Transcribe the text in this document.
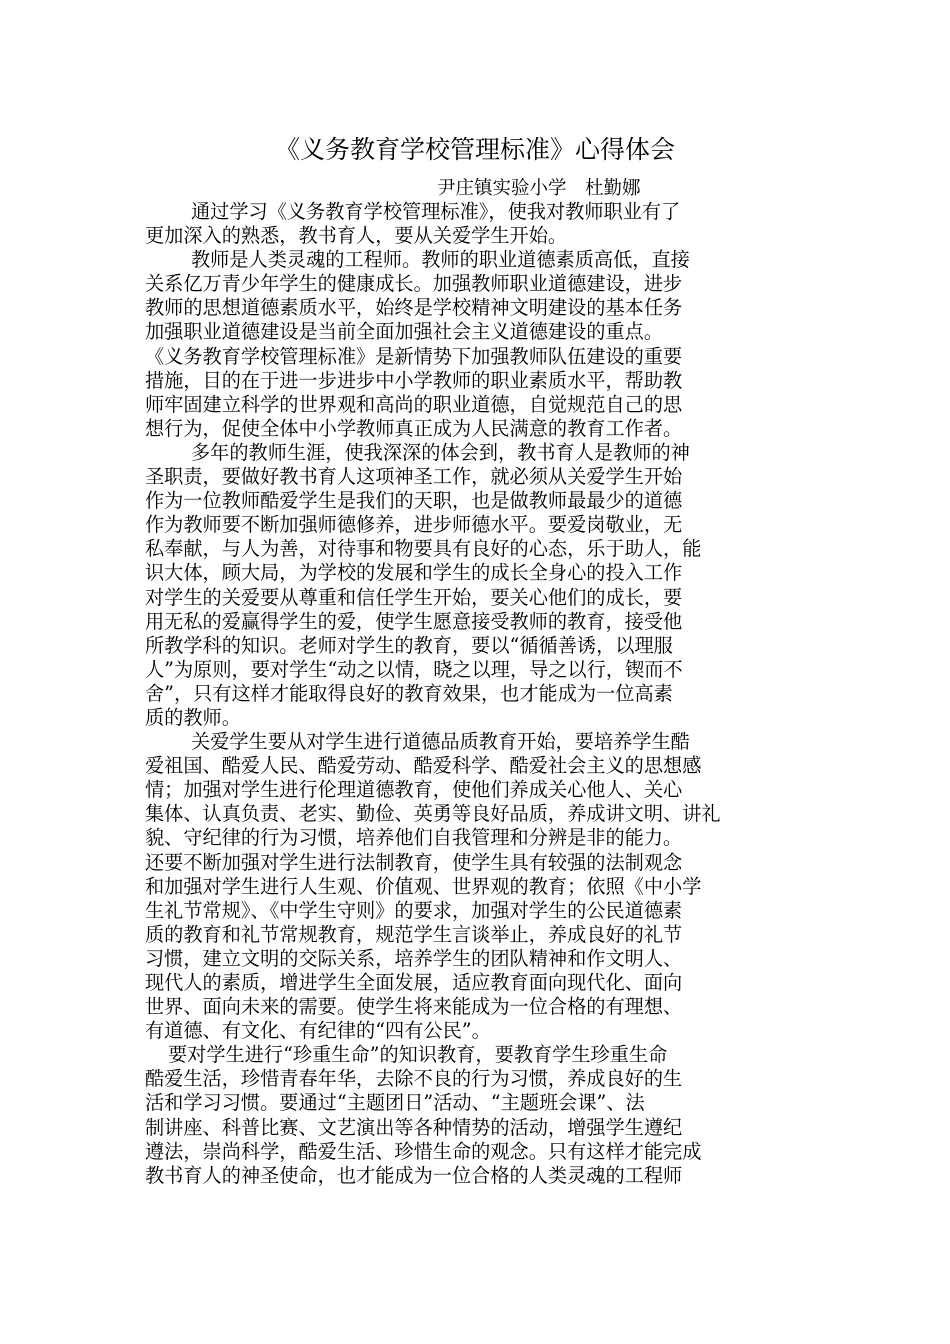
《义务教育学校管理标准》心得体会
尹庄镇实验小学　杜勤娜
通过学习《义务教育学校管理标准》，使我对教师职业有了
更加深入的熟悉，教书育人，要从关爱学生开始。
教师是人类灵魂的工程师。教师的职业道德素质高低，直接
关系亿万青少年学生的健康成长。加强教师职业道德建设，进步
教师的思想道德素质水平，始终是学校精神文明建设的基本任务
加强职业道德建设是当前全面加强社会主义道德建设的重点。
《义务教育学校管理标准》是新情势下加强教师队伍建设的重要
措施，目的在于进一步进步中小学教师的职业素质水平，帮助教
师牢固建立科学的世界观和高尚的职业道德，自觉规范自己的思
想行为，促使全体中小学教师真正成为人民满意的教育工作者。
多年的教师生涯，使我深深的体会到，教书育人是教师的神
圣职责，要做好教书育人这项神圣工作，就必须从关爱学生开始
作为一位教师酷爱学生是我们的天职，也是做教师最最少的道德
作为教师要不断加强师德修养，进步师德水平。要爱岗敬业，无
私奉献，与人为善，对待事和物要具有良好的心态，乐于助人，能
识大体，顾大局，为学校的发展和学生的成长全身心的投入工作
对学生的关爱要从尊重和信任学生开始，要关心他们的成长，要
用无私的爱赢得学生的爱，使学生愿意接受教师的教育，接受他
所教学科的知识。老师对学生的教育，要以“循循善诱，以理服
人”为原则，要对学生“动之以情，晓之以理，导之以行，锲而不
舍”，只有这样才能取得良好的教育效果，也才能成为一位高素
质的教师。
关爱学生要从对学生进行道德品质教育开始，要培养学生酷
爱祖国、酷爱人民、酷爱劳动、酷爱科学、酷爱社会主义的思想感
情；加强对学生进行伦理道德教育，使他们养成关心他人、关心
集体、认真负责、老实、勤俭、英勇等良好品质，养成讲文明、讲礼
貌、守纪律的行为习惯，培养他们自我管理和分辨是非的能力。
还要不断加强对学生进行法制教育，使学生具有较强的法制观念
和加强对学生进行人生观、价值观、世界观的教育；依照《中小学
生礼节常规》、《中学生守则》的要求，加强对学生的公民道德素
质的教育和礼节常规教育，规范学生言谈举止，养成良好的礼节
习惯，建立文明的交际关系，培养学生的团队精神和作文明人、
现代人的素质，增进学生全面发展，适应教育面向现代化、面向
世界、面向未来的需要。使学生将来能成为一位合格的有理想、
有道德、有文化、有纪律的“四有公民”。
要对学生进行“珍重生命”的知识教育，要教育学生珍重生命
酷爱生活，珍惜青春年华，去除不良的行为习惯，养成良好的生
活和学习习惯。要通过“主题团日”活动、“主题班会课”、法
制讲座、科普比赛、文艺演出等各种情势的活动，增强学生遵纪
遵法，崇尚科学，酷爱生活、珍惜生命的观念。只有这样才能完成
教书育人的神圣使命，也才能成为一位合格的人类灵魂的工程师
